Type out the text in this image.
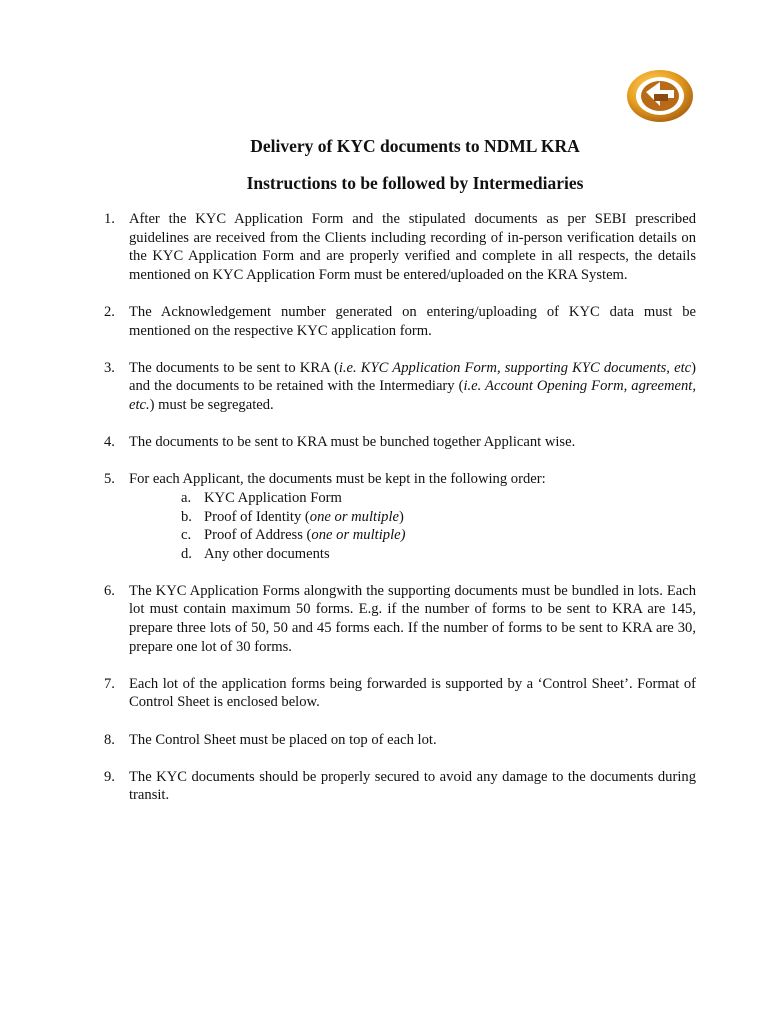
Delivery of KYC documents to NDML KRA
Instructions to be followed by Intermediaries
1. After the KYC Application Form and the stipulated documents as per SEBI prescribed guidelines are received from the Clients including recording of in-person verification details on the KYC Application Form and are properly verified and complete in all respects, the details mentioned on KYC Application Form must be entered/uploaded on the KRA System.
2. The Acknowledgement number generated on entering/uploading of KYC data must be mentioned on the respective KYC application form.
3. The documents to be sent to KRA (i.e. KYC Application Form, supporting KYC documents, etc) and the documents to be retained with the Intermediary (i.e. Account Opening Form, agreement, etc.) must be segregated.
4. The documents to be sent to KRA must be bunched together Applicant wise.
5. For each Applicant, the documents must be kept in the following order:
a. KYC Application Form
b. Proof of Identity (one or multiple)
c. Proof of Address (one or multiple)
d. Any other documents
6. The KYC Application Forms alongwith the supporting documents must be bundled in lots. Each lot must contain maximum 50 forms. E.g. if the number of forms to be sent to KRA are 145, prepare three lots of 50, 50 and 45 forms each. If the number of forms to be sent to KRA are 30, prepare one lot of 30 forms.
7. Each lot of the application forms being forwarded is supported by a ‘Control Sheet’. Format of Control Sheet is enclosed below.
8. The Control Sheet must be placed on top of each lot.
9. The KYC documents should be properly secured to avoid any damage to the documents during transit.
